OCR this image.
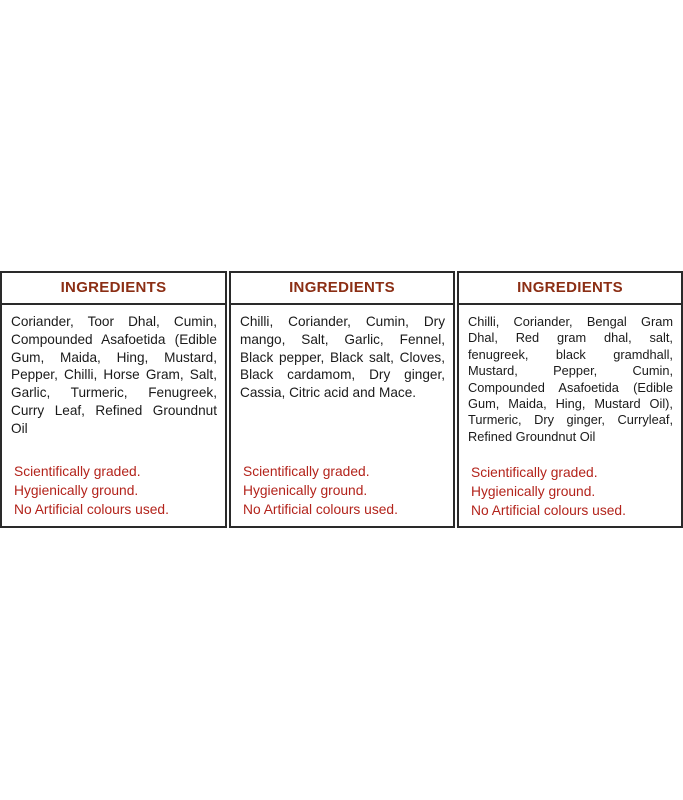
INGREDIENTS
Coriander, Toor Dhal, Cumin, Compounded Asafoetida (Edible Gum, Maida, Hing, Mustard, Pepper, Chilli, Horse Gram, Salt, Garlic, Turmeric, Fenugreek, Curry Leaf, Refined Groundnut Oil
Scientifically graded.
Hygienically ground.
No Artificial colours used.
INGREDIENTS
Chilli, Coriander, Cumin, Dry mango, Salt, Garlic, Fennel, Black pepper, Black salt, Cloves, Black cardamom, Dry ginger, Cassia, Citric acid and Mace.
Scientifically graded.
Hygienically ground.
No Artificial colours used.
INGREDIENTS
Chilli, Coriander, Bengal Gram Dhal, Red gram dhal, salt, fenugreek, black gramdhall, Mustard, Pepper, Cumin, Compounded Asafoetida (Edible Gum, Maida, Hing, Mustard Oil), Turmeric, Dry ginger, Curryleaf, Refined Groundnut Oil
Scientifically graded.
Hygienically ground.
No Artificial colours used.
